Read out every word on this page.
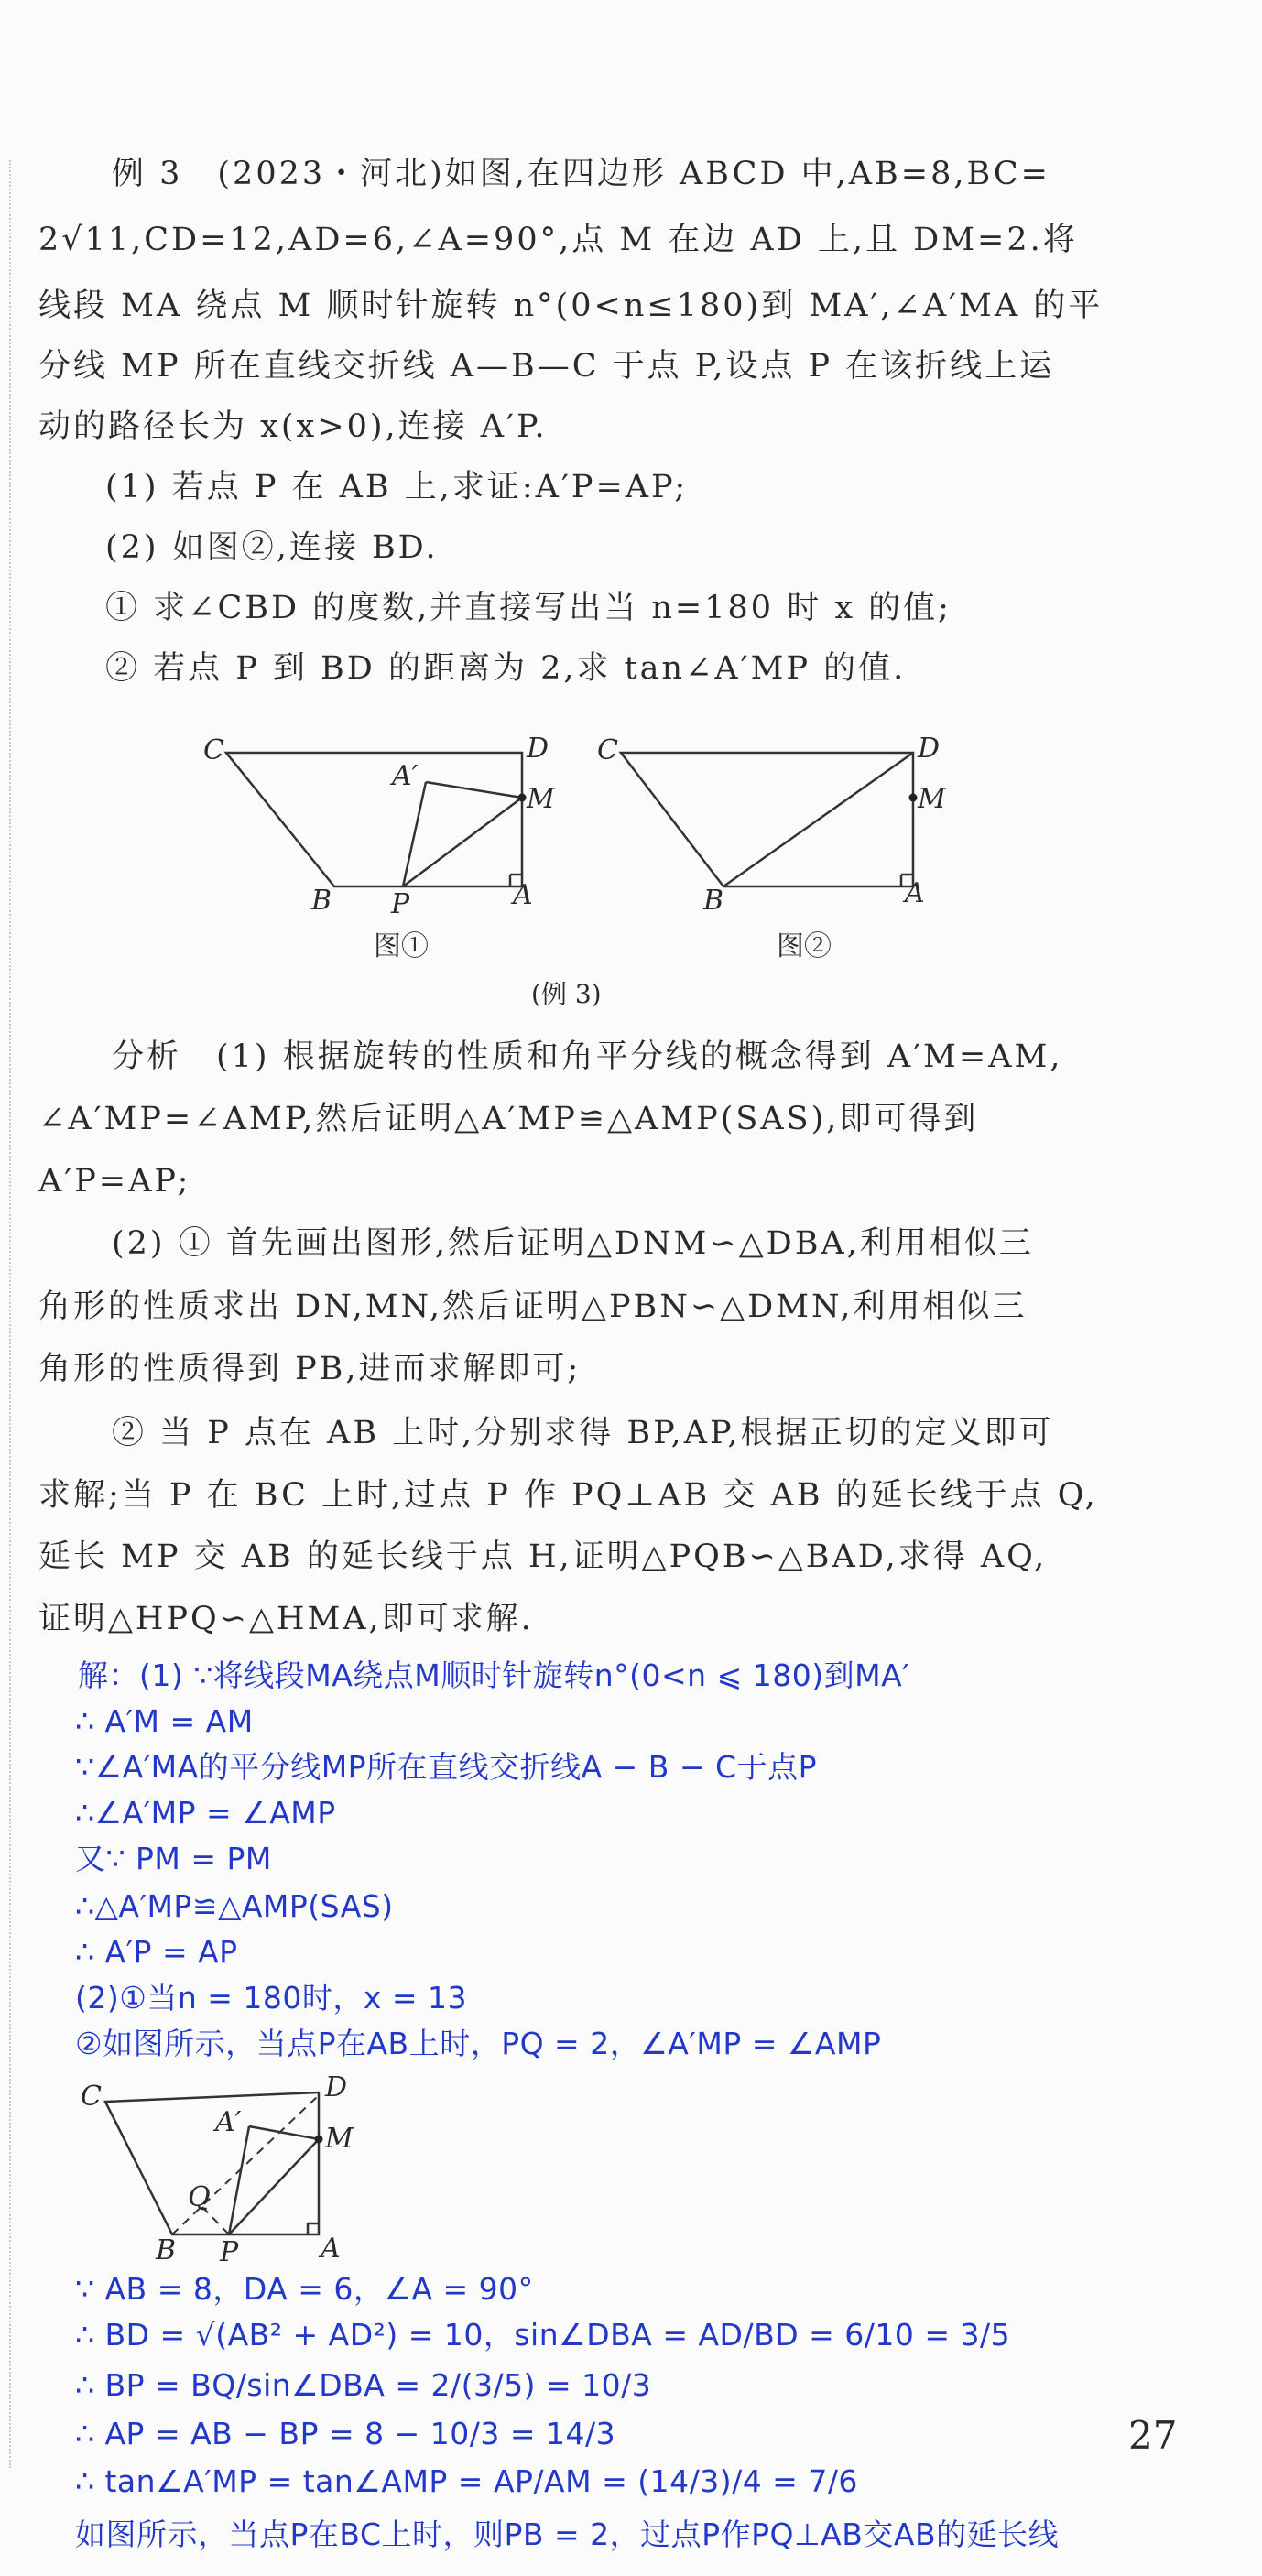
例 3　(2023・河北)如图,在四边形 ABCD 中,AB=8,BC=
2√11,CD=12,AD=6,∠A=90°,点 M 在边 AD 上,且 DM=2.将
线段 MA 绕点 M 顺时针旋转 n°(0<n≤180)到 MA′,∠A′MA 的平
分线 MP 所在直线交折线 A—B—C 于点 P,设点 P 在该折线上运
动的路径长为 x(x>0),连接 A′P.
(1) 若点 P 在 AB 上,求证:A′P=AP;
(2) 如图②,连接 BD.
① 求∠CBD 的度数,并直接写出当 n=180 时 x 的值;
② 若点 P 到 BD 的距离为 2,求 tan∠A′MP 的值.
C	D
A′
M
B P	A
图①
C	D
M
B	A
图②
(例 3)
分析　(1) 根据旋转的性质和角平分线的概念得到 A′M=AM,
∠A′MP=∠AMP,然后证明△A′MP≌△AMP(SAS),即可得到
A′P=AP;
(2) ① 首先画出图形,然后证明△DNM∽△DBA,利用相似三
角形的性质求出 DN,MN,然后证明△PBN∽△DMN,利用相似三
角形的性质得到 PB,进而求解即可;
② 当 P 点在 AB 上时,分别求得 BP,AP,根据正切的定义即可
求解;当 P 在 BC 上时,过点 P 作 PQ⊥AB 交 AB 的延长线于点 Q,
延长 MP 交 AB 的延长线于点 H,证明△PQB∽△BAD,求得 AQ,
证明△HPQ∽△HMA,即可求解.
解：(1) ∵将线段MA绕点M顺时针旋转n°(0<n ⩽ 180)到MA′
∴ A′M = AM
∵∠A′MA的平分线MP所在直线交折线A − B − C于点P
∴∠A′MP = ∠AMP
又∵ PM = PM
∴△A′MP≌△AMP(SAS)
∴ A′P = AP
(2)①当n = 180时，x = 13
②如图所示，当点P在AB上时，PQ = 2，∠A′MP = ∠AMP
C	D
A′
M
Q
B P	A
∵ AB = 8，DA = 6，∠A = 90°
∴ BD = √(AB² + AD²) = 10，sin∠DBA = AD/BD = 6/10 = 3/5
∴ BP = BQ/sin∠DBA = 2/(3/5) = 10/3
∴ AP = AB − BP = 8 − 10/3 = 14/3
∴ tan∠A′MP = tan∠AMP = AP/AM = (14/3)/4 = 7/6
如图所示，当点P在BC上时，则PB = 2，过点P作PQ⊥AB交AB的延长线
27
